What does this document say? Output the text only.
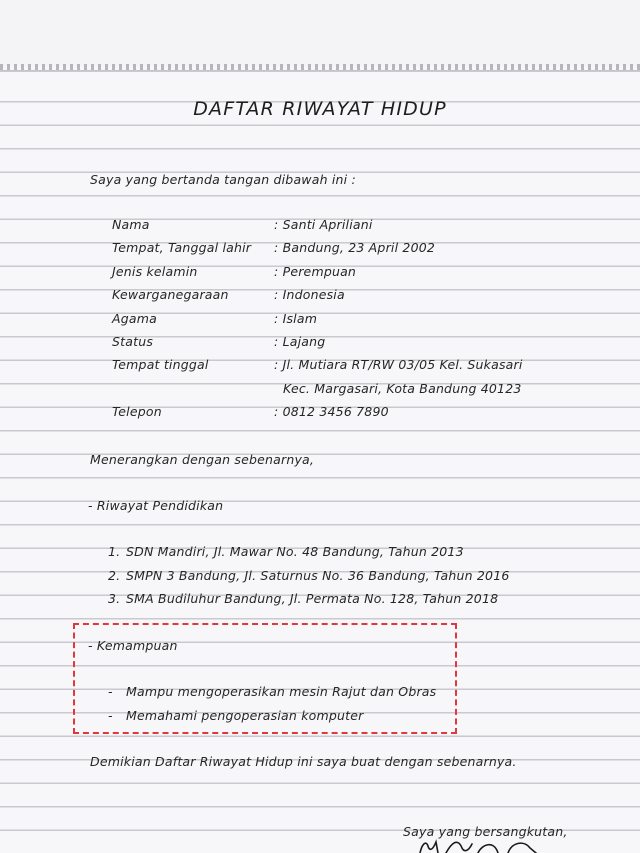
DAFTAR RIWAYAT HIDUP
Saya yang bertanda tangan dibawah ini :
Nama	: Santi Apriliani
Tempat, Tanggal lahir : Bandung, 23 April 2002
Jenis kelamin	: Perempuan
Kewarganegaraan	: Indonesia
Agama	: Islam
Status	: Lajang
Tempat tinggal	: Jl. Mutiara RT/RW 03/05 Kel. Sukasari
Kec. Margasari, Kota Bandung 40123
Telepon	: 0812 3456 7890
Menerangkan dengan sebenarnya,
- Riwayat Pendidikan
1. SDN Mandiri, Jl. Mawar No. 48 Bandung, Tahun 2013
2. SMPN 3 Bandung, Jl. Saturnus No. 36 Bandung, Tahun 2016
3. SMA Budiluhur Bandung, Jl. Permata No. 128, Tahun 2018
- Kemampuan
- Mampu mengoperasikan mesin Rajut dan Obras
- Memahami pengoperasian komputer
Demikian Daftar Riwayat Hidup ini saya buat dengan sebenarnya.
Saya yang bersangkutan,
